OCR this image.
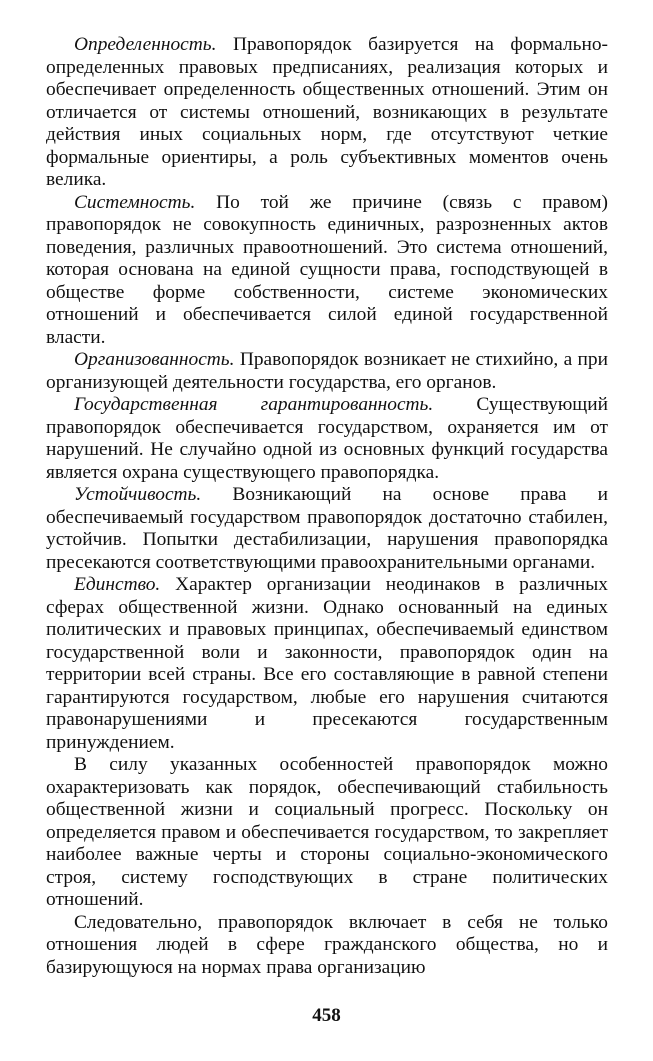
Определенность. Правопорядок базируется на формально-определенных правовых предписаниях, реализация которых и обеспечивает определенность общественных отношений. Этим он отличается от системы отношений, возникающих в результате действия иных социальных норм, где отсутствуют четкие формальные ориентиры, а роль субъективных моментов очень велика.

Системность. По той же причине (связь с правом) правопорядок не совокупность единичных, разрозненных актов поведения, различных правоотношений. Это система отношений, которая основана на единой сущности права, господствующей в обществе форме собственности, системе экономических отношений и обеспечивается силой единой государственной власти.

Организованность. Правопорядок возникает не стихийно, а при организующей деятельности государства, его органов.

Государственная гарантированность. Существующий правопорядок обеспечивается государством, охраняется им от нарушений. Не случайно одной из основных функций государства является охрана существующего правопорядка.

Устойчивость. Возникающий на основе права и обеспечиваемый государством правопорядок достаточно стабилен, устойчив. Попытки дестабилизации, нарушения правопорядка пресекаются соответствующими правоохранительными органами.

Единство. Характер организации неодинаков в различных сферах общественной жизни. Однако основанный на единых политических и правовых принципах, обеспечиваемый единством государственной воли и законности, правопорядок один на территории всей страны. Все его составляющие в равной степени гарантируются государством, любые его нарушения считаются правонарушениями и пресекаются государственным принуждением.

В силу указанных особенностей правопорядок можно охарактеризовать как порядок, обеспечивающий стабильность общественной жизни и социальный прогресс. Поскольку он определяется правом и обеспечивается государством, то закрепляет наиболее важные черты и стороны социально-экономического строя, систему господствующих в стране политических отношений.

Следовательно, правопорядок включает в себя не только отношения людей в сфере гражданского общества, но и базирующуюся на нормах права организацию

458
